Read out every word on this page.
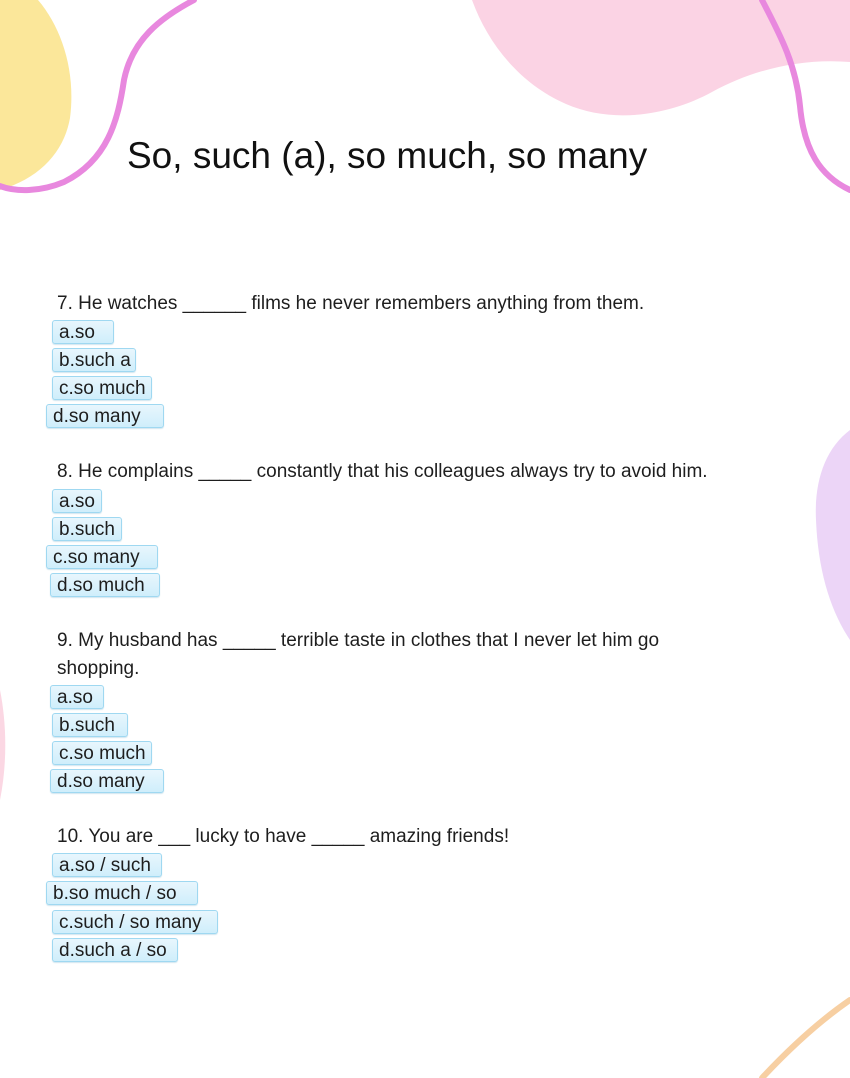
So, such (a), so much, so many

7. He watches ______ films he never remembers anything from them.

a.so
b.such a
c.so much
d.so many

8. He complains _____ constantly that his colleagues always try to avoid him.

a.so
b.such
c.so many
d.so much

9. My husband has _____ terrible taste in clothes that I never let him go shopping.

a.so
b.such
c.so much
d.so many

10. You are ___ lucky to have _____ amazing friends!

a.so / such
b.so much / so
c.such / so many
d.such a / so
